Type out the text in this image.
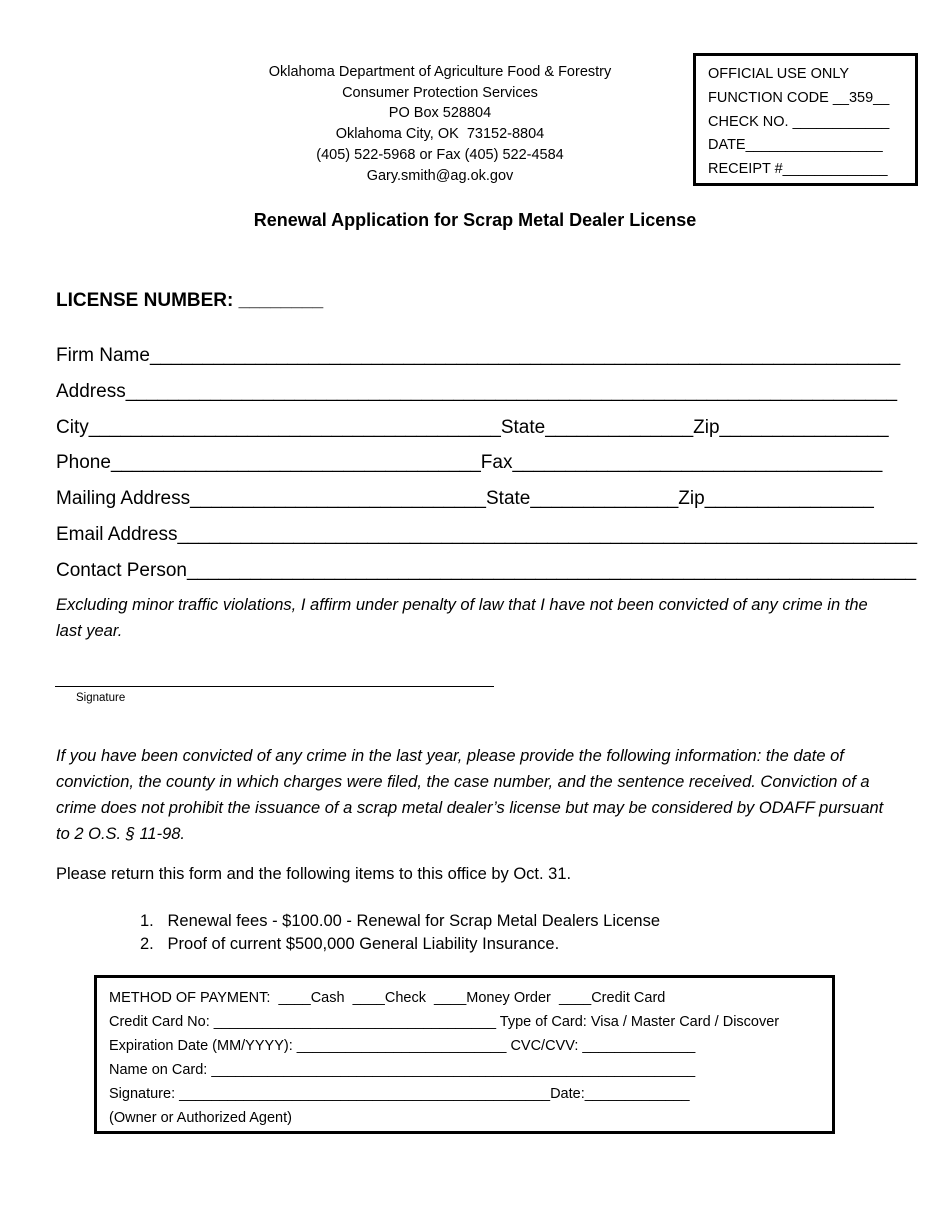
Oklahoma Department of Agriculture Food & Forestry
Consumer Protection Services
PO Box 528804
Oklahoma City, OK  73152-8804
(405) 522-5968 or Fax (405) 522-4584
Gary.smith@ag.ok.gov
OFFICIAL USE ONLY
FUNCTION CODE __359__
CHECK NO. ____________
DATE_________________
RECEIPT #_____________
Renewal Application for Scrap Metal Dealer License
LICENSE NUMBER: ________
Firm Name_______________________________________________________________________
Address_________________________________________________________________________
City_______________________________________State______________Zip________________
Phone___________________________________Fax___________________________________
Mailing Address____________________________State______________Zip________________
Email Address______________________________________________________________________
Contact Person_____________________________________________________________________
Excluding minor traffic violations, I affirm under penalty of law that I have not been convicted of any crime in the last year.
Signature
If you have been convicted of any crime in the last year, please provide the following information: the date of conviction, the county in which charges were filed, the case number, and the sentence received. Conviction of a crime does not prohibit the issuance of a scrap metal dealer’s license but may be considered by ODAFF pursuant to 2 O.S. § 11-98.
Please return this form and the following items to this office by Oct. 31.
1.   Renewal fees - $100.00 - Renewal for Scrap Metal Dealers License
2.   Proof of current $500,000 General Liability Insurance.
METHOD OF PAYMENT:  ____Cash  ____Check  ____Money Order  ____Credit Card
Credit Card No: ___________________________________ Type of Card: Visa / Master Card / Discover
Expiration Date (MM/YYYY): __________________________ CVC/CVV: ______________
Name on Card: ____________________________________________________________
Signature: ______________________________________________Date:_____________
(Owner or Authorized Agent)
